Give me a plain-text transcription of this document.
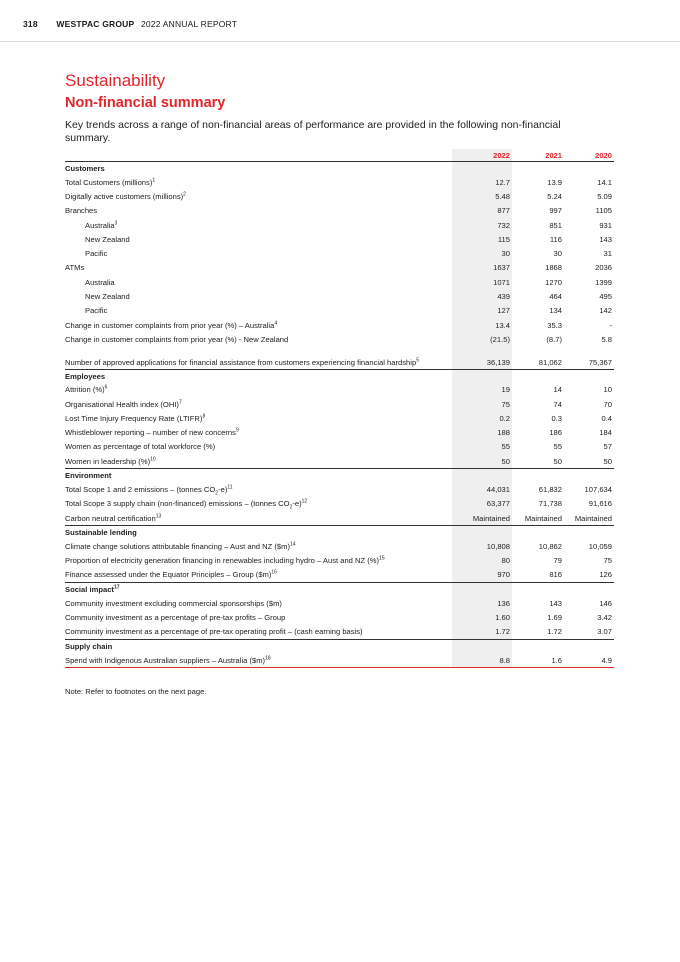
318 WESTPAC GROUP 2022 ANNUAL REPORT
Sustainability
Non-financial summary
Key trends across a range of non-financial areas of performance are provided in the following non-financial summary.
	2022	2021	2020
Customers			
Total Customers (millions)$^1$	12.7	13.9	14.1
Digitally active customers (millions)$^2$	5.48	5.24	5.09
Branches	877	997	1105
Australia$^3$	732	851	931
New Zealand	115	116	143
Pacific	30	30	31
ATMs	1637	1868	2036
Australia	1071	1270	1399
New Zealand	439	464	495
Pacific	127	134	142
Change in customer complaints from prior year (%) – Australia$^4$	13.4	35.3	-
Change in customer complaints from prior year (%) - New Zealand	(21.5)	(8.7)	5.8
Number of approved applications for financial assistance from customers experiencing financial hardship$^5$	36,139	81,062	75,367
Employees			
Attrition (%)$^6$	19	14	10
Organisational Health index (OHI)$^7$	75	74	70
Lost Time Injury Frequency Rate (LTIFR)$^8$	0.2	0.3	0.4
Whistleblower reporting – number of new concerns$^9$	188	186	184
Women as percentage of total workforce (%)	55	55	57
Women in leadership (%)$^{10}$	50	50	50
Environment			
Total Scope 1 and 2 emissions – (tonnes $CO_2-e)^{11}$	44,031	61,832	107,634
Total Scope 3 supply chain (non-financed) emissions – (tonnes $CO_2-e)^{12}$	63,377	71,738	91,616
Carbon neutral certification$^{13}$	Maintained	Maintained	Maintained
Sustainable lending			
Climate change solutions attributable financing – Aust and NZ ($m)$^{14}$	10,808	10,862	10,059
Proportion of electricity generation financing in renewables including hydro – Aust and NZ (%)$^{15}$	80	79	75
Finance assessed under the Equator Principles – Group ($m)$^{16}$	970	816	126
Social impact$^{17}$			
Community investment excluding commercial sponsorships ($m)	136	143	146
Community investment as a percentage of pre-tax profits – Group	1.60	1.69	3.42
Community investment as a percentage of pre-tax operating profit – (cash earning basis)	1.72	1.72	3.07
Supply chain			
Spend with Indigenous Australian suppliers – Australia ($m)$^{18}$	8.8	1.6	4.9
Note: Refer to footnotes on the next page.
